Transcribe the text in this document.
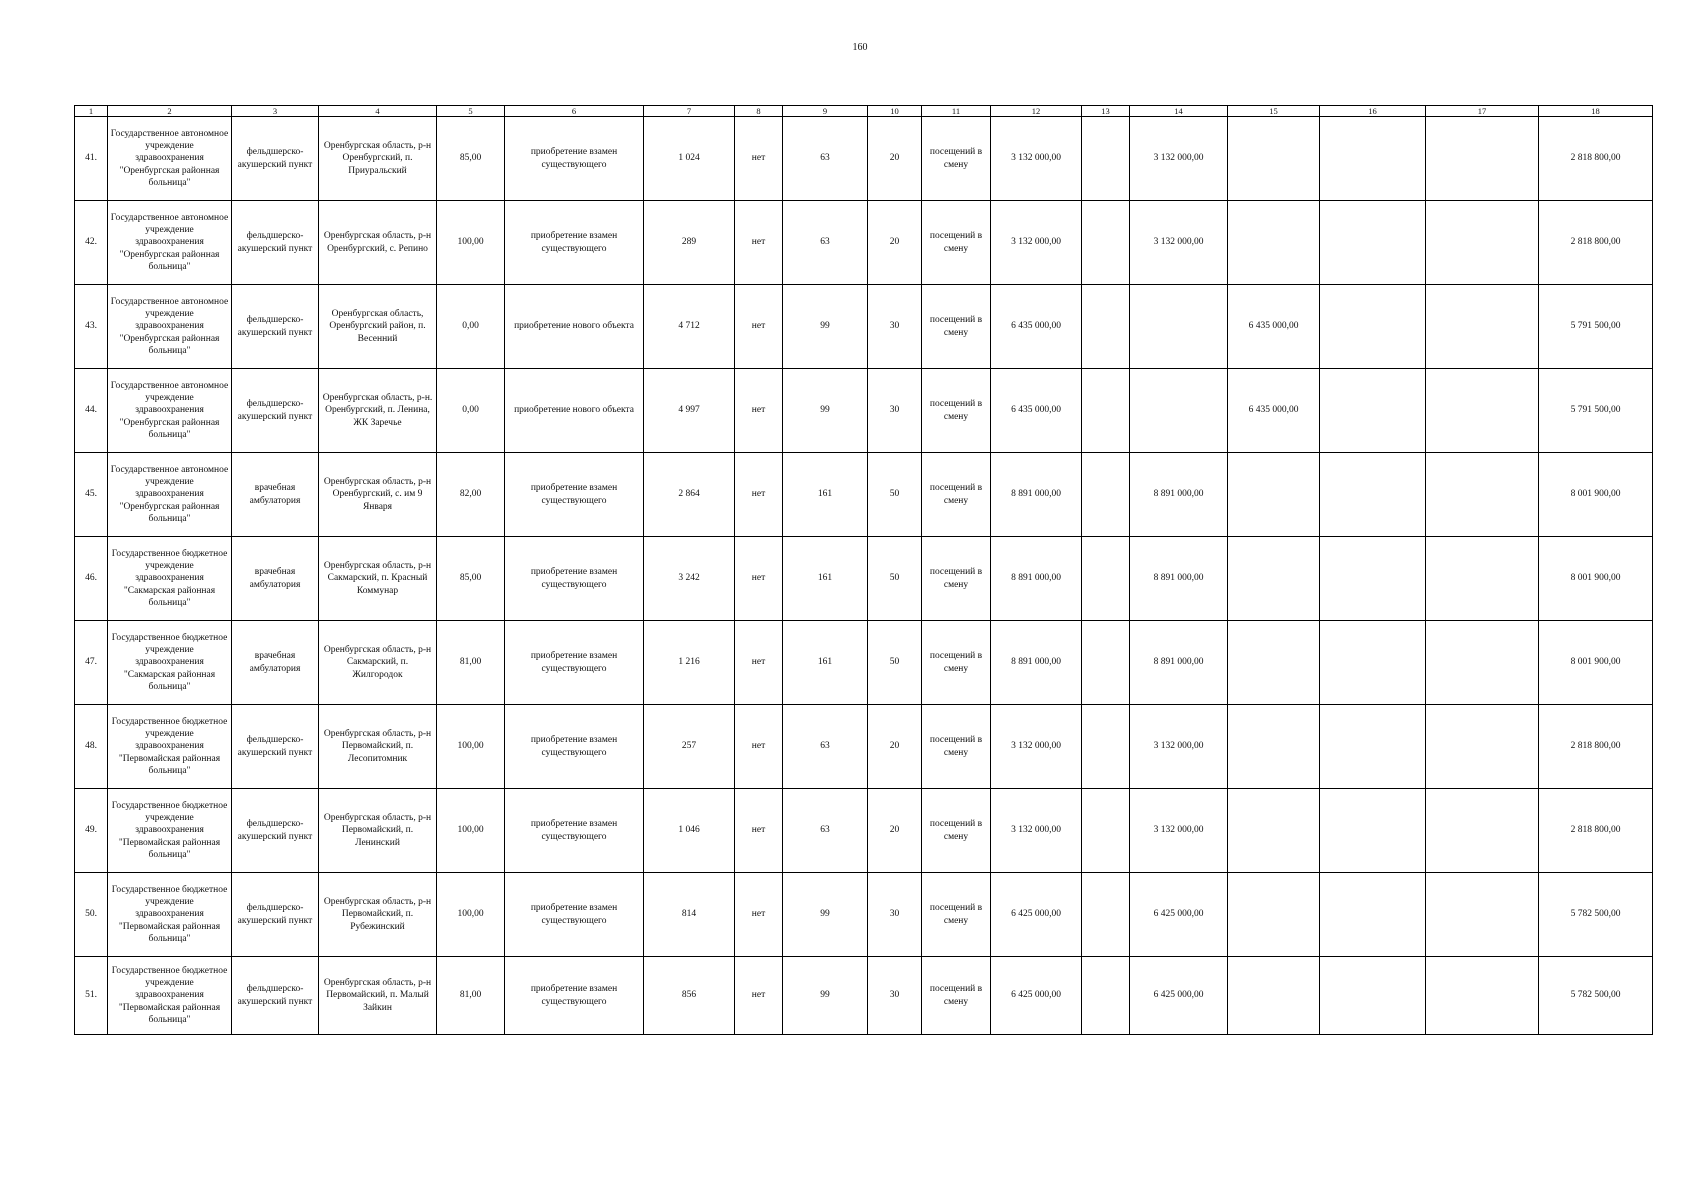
160
1	2	3	4	5	6	7	8	9	10	11	12	13	14	15	16	17	18
41.	Государственное автономное учреждение здравоохранения "Оренбургская районная больница"	фельдшерско-акушерский пункт	Оренбургская область, р-н Оренбургский, п. Приуральский	85,00	приобретение взамен существующего	1 024	нет	63	20	посещений в смену	3 132 000,00		3 132 000,00				2 818 800,00
42.	Государственное автономное учреждение здравоохранения "Оренбургская районная больница"	фельдшерско-акушерский пункт	Оренбургская область, р-н Оренбургский, с. Репино	100,00	приобретение взамен существующего	289	нет	63	20	посещений в смену	3 132 000,00		3 132 000,00				2 818 800,00
43.	Государственное автономное учреждение здравоохранения "Оренбургская районная больница"	фельдшерско-акушерский пункт	Оренбургская область, Оренбургский район, п. Весенний	0,00	приобретение нового объекта	4 712	нет	99	30	посещений в смену	6 435 000,00			6 435 000,00			5 791 500,00
44.	Государственное автономное учреждение здравоохранения "Оренбургская районная больница"	фельдшерско-акушерский пункт	Оренбургская область, р-н. Оренбургский, п. Ленина, ЖК Заречье	0,00	приобретение нового объекта	4 997	нет	99	30	посещений в смену	6 435 000,00			6 435 000,00			5 791 500,00
45.	Государственное автономное учреждение здравоохранения "Оренбургская районная больница"	врачебная амбулатория	Оренбургская область, р-н Оренбургский, с. им 9 Января	82,00	приобретение взамен существующего	2 864	нет	161	50	посещений в смену	8 891 000,00		8 891 000,00				8 001 900,00
46.	Государственное бюджетное учреждение здравоохранения "Сакмарская районная больница"	врачебная амбулатория	Оренбургская область, р-н Сакмарский, п. Красный Коммунар	85,00	приобретение взамен существующего	3 242	нет	161	50	посещений в смену	8 891 000,00		8 891 000,00				8 001 900,00
47.	Государственное бюджетное учреждение здравоохранения "Сакмарская районная больница"	врачебная амбулатория	Оренбургская область, р-н Сакмарский, п. Жилгородок	81,00	приобретение взамен существующего	1 216	нет	161	50	посещений в смену	8 891 000,00		8 891 000,00				8 001 900,00
48.	Государственное бюджетное учреждение здравоохранения "Первомайская районная больница"	фельдшерско-акушерский пункт	Оренбургская область, р-н Первомайский, п. Лесопитомник	100,00	приобретение взамен существующего	257	нет	63	20	посещений в смену	3 132 000,00		3 132 000,00				2 818 800,00
49.	Государственное бюджетное учреждение здравоохранения "Первомайская районная больница"	фельдшерско-акушерский пункт	Оренбургская область, р-н Первомайский, п. Ленинский	100,00	приобретение взамен существующего	1 046	нет	63	20	посещений в смену	3 132 000,00		3 132 000,00				2 818 800,00
50.	Государственное бюджетное учреждение здравоохранения "Первомайская районная больница"	фельдшерско-акушерский пункт	Оренбургская область, р-н Первомайский, п. Рубежинский	100,00	приобретение взамен существующего	814	нет	99	30	посещений в смену	6 425 000,00		6 425 000,00				5 782 500,00
51.	Государственное бюджетное учреждение здравоохранения "Первомайская районная больница"	фельдшерско-акушерский пункт	Оренбургская область, р-н Первомайский, п. Малый Зайкин	81,00	приобретение взамен существующего	856	нет	99	30	посещений в смену	6 425 000,00		6 425 000,00				5 782 500,00
